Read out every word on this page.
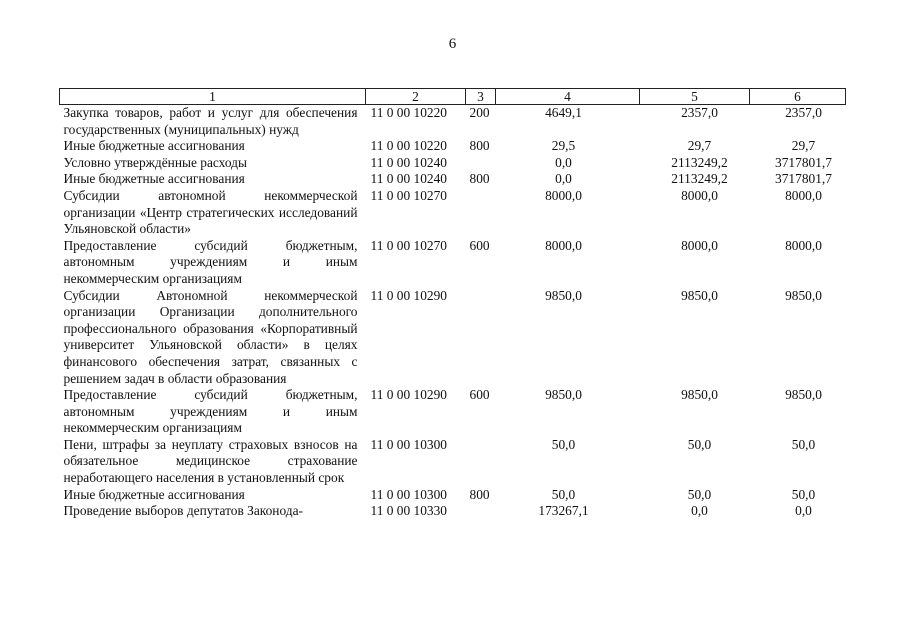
6
1	2	3	4	5	6
Закупка товаров, работ и услуг для обеспечения государственных (муниципальных) нужд	11 0 00 10220	200	4649,1	2357,0	2357,0
Иные бюджетные ассигнования	11 0 00 10220	800	29,5	29,7	29,7
Условно утверждённые расходы	11 0 00 10240		0,0	2113249,2	3717801,7
Иные бюджетные ассигнования	11 0 00 10240	800	0,0	2113249,2	3717801,7
Субсидии автономной некоммерческой организации «Центр стратегических исследований Ульяновской области»	11 0 00 10270		8000,0	8000,0	8000,0
Предоставление субсидий бюджетным, автономным учреждениям и иным некоммерческим организациям	11 0 00 10270	600	8000,0	8000,0	8000,0
Субсидии Автономной некоммерческой организации Организации дополнительного профессионального образования «Корпоративный университет Ульяновской области» в целях финансового обеспечения затрат, связанных с решением задач в области образования	11 0 00 10290		9850,0	9850,0	9850,0
Предоставление субсидий бюджетным, автономным учреждениям и иным некоммерческим организациям	11 0 00 10290	600	9850,0	9850,0	9850,0
Пени, штрафы за неуплату страховых взносов на обязательное медицинское страхование неработающего населения в установленный срок	11 0 00 10300		50,0	50,0	50,0
Иные бюджетные ассигнования	11 0 00 10300	800	50,0	50,0	50,0
Проведение выборов депутатов Законода-	11 0 00 10330		173267,1	0,0	0,0
